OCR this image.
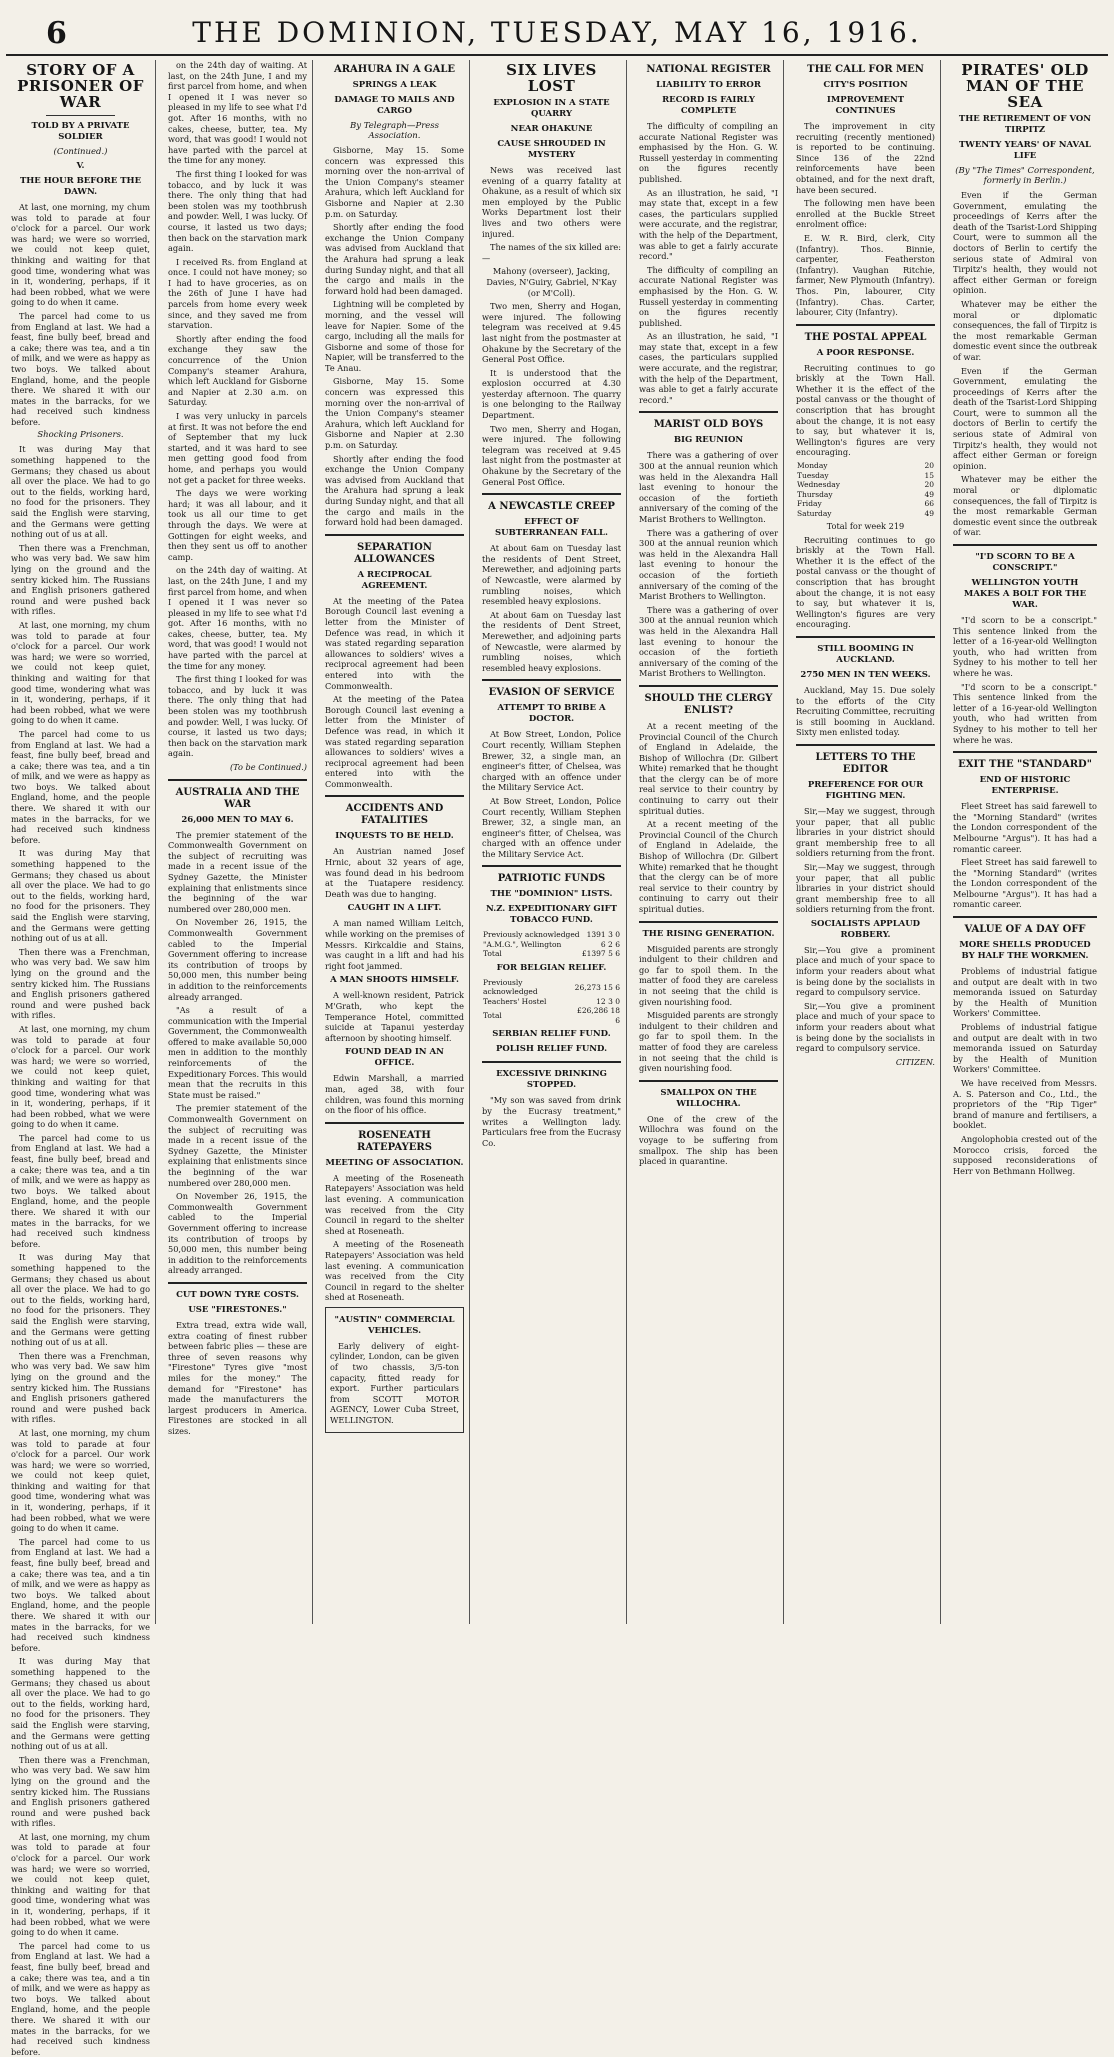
6	THE DOMINION, TUESDAY, MAY 16, 1916.
STORY OF A PRISONER OF WAR
TOLD BY A PRIVATE SOLDIER
(Continued.)
V.
THE HOUR BEFORE THE DAWN.

At last, one morning, my chum was told to parade at four o'clock for a parcel. Our work was hard; we were so worried, we could not keep quiet, thinking and waiting for that good time, wondering what was in it, wondering, perhaps, if it had been robbed, what we were going to do when it came.

The parcel had come to us from England at last. We had a feast, fine bully beef, bread and a cake; there was tea, and a tin of milk, and we were as happy as two boys. We talked about England, home, and the people there. We shared it with our mates in the barracks, for we had received such kindness before.

Shocking Prisoners.

It was during May that something happened to the Germans; they chased us about all over the place. We had to go out to the fields, working hard, no food for the prisoners. They said the English were starving, and the Germans were getting nothing out of us at all.

Then there was a Frenchman, who was very bad. We saw him lying on the ground and the sentry kicked him. The Russians and English prisoners gathered round and were pushed back with rifles.

At last, one morning, my chum was told to parade at four o'clock for a parcel. Our work was hard; we were so worried, we could not keep quiet, thinking and waiting for that good time, wondering what was in it, wondering, perhaps, if it had been robbed, what we were going to do when it came.

The parcel had come to us from England at last. We had a feast, fine bully beef, bread and a cake; there was tea, and a tin of milk, and we were as happy as two boys. We talked about England, home, and the people there. We shared it with our mates in the barracks, for we had received such kindness before.

It was during May that something happened to the Germans; they chased us about all over the place. We had to go out to the fields, working hard, no food for the prisoners. They said the English were starving, and the Germans were getting nothing out of us at all.

Then there was a Frenchman, who was very bad. We saw him lying on the ground and the sentry kicked him. The Russians and English prisoners gathered round and were pushed back with rifles.

At last, one morning, my chum was told to parade at four o'clock for a parcel. Our work was hard; we were so worried, we could not keep quiet, thinking and waiting for that good time, wondering what was in it, wondering, perhaps, if it had been robbed, what we were going to do when it came.

The parcel had come to us from England at last. We had a feast, fine bully beef, bread and a cake; there was tea, and a tin of milk, and we were as happy as two boys. We talked about England, home, and the people there. We shared it with our mates in the barracks, for we had received such kindness before.

It was during May that something happened to the Germans; they chased us about all over the place. We had to go out to the fields, working hard, no food for the prisoners. They said the English were starving, and the Germans were getting nothing out of us at all.

Then there was a Frenchman, who was very bad. We saw him lying on the ground and the sentry kicked him. The Russians and English prisoners gathered round and were pushed back with rifles.

At last, one morning, my chum was told to parade at four o'clock for a parcel. Our work was hard; we were so worried, we could not keep quiet, thinking and waiting for that good time, wondering what was in it, wondering, perhaps, if it had been robbed, what we were going to do when it came.

The parcel had come to us from England at last. We had a feast, fine bully beef, bread and a cake; there was tea, and a tin of milk, and we were as happy as two boys. We talked about England, home, and the people there. We shared it with our mates in the barracks, for we had received such kindness before.

It was during May that something happened to the Germans; they chased us about all over the place. We had to go out to the fields, working hard, no food for the prisoners. They said the English were starving, and the Germans were getting nothing out of us at all.

Then there was a Frenchman, who was very bad. We saw him lying on the ground and the sentry kicked him. The Russians and English prisoners gathered round and were pushed back with rifles.

At last, one morning, my chum was told to parade at four o'clock for a parcel. Our work was hard; we were so worried, we could not keep quiet, thinking and waiting for that good time, wondering what was in it, wondering, perhaps, if it had been robbed, what we were going to do when it came.

The parcel had come to us from England at last. We had a feast, fine bully beef, bread and a cake; there was tea, and a tin of milk, and we were as happy as two boys. We talked about England, home, and the people there. We shared it with our mates in the barracks, for we had received such kindness before.

on the 24th day of waiting. At last, on the 24th June, I and my first parcel from home, and when I opened it I was never so pleased in my life to see what I'd got. After 16 months, with no cakes, cheese, butter, tea. My word, that was good! I would not have parted with the parcel at the time for any money.

The first thing I looked for was tobacco, and by luck it was there. The only thing that had been stolen was my toothbrush and powder. Well, I was lucky. Of course, it lasted us two days; then back on the starvation mark again.

I received Rs. from England at once. I could not have money; so I had to have groceries, as on the 26th of June I have had parcels from home every week since, and they saved me from starvation.

Shortly after ending the food exchange they saw the concurrence of the Union Company's steamer Arahura, which left Auckland for Gisborne and Napier at 2.30 a.m. on Saturday.

I was very unlucky in parcels at first. It was not before the end of September that my luck started, and it was hard to see men getting good food from home, and perhaps you would not get a packet for three weeks.

The days we were working hard; it was all labour, and it took us all our time to get through the days. We were at Gottingen for eight weeks, and then they sent us off to another camp.

on the 24th day of waiting. At last, on the 24th June, I and my first parcel from home, and when I opened it I was never so pleased in my life to see what I'd got. After 16 months, with no cakes, cheese, butter, tea. My word, that was good! I would not have parted with the parcel at the time for any money.

The first thing I looked for was tobacco, and by luck it was there. The only thing that had been stolen was my toothbrush and powder. Well, I was lucky. Of course, it lasted us two days; then back on the starvation mark again.

(To be Continued.)

AUSTRALIA AND THE WAR
26,000 MEN TO MAY 6.

The premier statement of the Commonwealth Government on the subject of recruiting was made in a recent issue of the Sydney Gazette, the Minister explaining that enlistments since the beginning of the war numbered over 280,000 men.

On November 26, 1915, the Commonwealth Government cabled to the Imperial Government offering to increase its contribution of troops by 50,000 men, this number being in addition to the reinforcements already arranged.

"As a result of a communication with the Imperial Government, the Commonwealth offered to make available 50,000 men in addition to the monthly reinforcements of the Expeditionary Forces. This would mean that the recruits in this State must be raised."

The premier statement of the Commonwealth Government on the subject of recruiting was made in a recent issue of the Sydney Gazette, the Minister explaining that enlistments since the beginning of the war numbered over 280,000 men.

On November 26, 1915, the Commonwealth Government cabled to the Imperial Government offering to increase its contribution of troops by 50,000 men, this number being in addition to the reinforcements already arranged.

CUT DOWN TYRE COSTS.
USE "FIRESTONES."

Extra tread, extra wide wall, extra coating of finest rubber between fabric plies — these are three of seven reasons why "Firestone" Tyres give "most miles for the money." The demand for "Firestone" has made the manufacturers the largest producers in America. Firestones are stocked in all sizes.

ARAHURA IN A GALE
SPRINGS A LEAK
DAMAGE TO MAILS AND CARGO
By Telegraph—Press Association.

Gisborne, May 15. Some concern was expressed this morning over the non-arrival of the Union Company's steamer Arahura, which left Auckland for Gisborne and Napier at 2.30 p.m. on Saturday.

Shortly after ending the food exchange the Union Company was advised from Auckland that the Arahura had sprung a leak during Sunday night, and that all the cargo and mails in the forward hold had been damaged.

Lightning will be completed by morning, and the vessel will leave for Napier. Some of the cargo, including all the mails for Gisborne and some of those for Napier, will be transferred to the Te Anau.

Gisborne, May 15. Some concern was expressed this morning over the non-arrival of the Union Company's steamer Arahura, which left Auckland for Gisborne and Napier at 2.30 p.m. on Saturday.

Shortly after ending the food exchange the Union Company was advised from Auckland that the Arahura had sprung a leak during Sunday night, and that all the cargo and mails in the forward hold had been damaged.

SEPARATION ALLOWANCES
A RECIPROCAL AGREEMENT.

At the meeting of the Patea Borough Council last evening a letter from the Minister of Defence was read, in which it was stated regarding separation allowances to soldiers' wives a reciprocal agreement had been entered into with the Commonwealth.

At the meeting of the Patea Borough Council last evening a letter from the Minister of Defence was read, in which it was stated regarding separation allowances to soldiers' wives a reciprocal agreement had been entered into with the Commonwealth.

ACCIDENTS AND FATALITIES
INQUESTS TO BE HELD.

An Austrian named Josef Hrnic, about 32 years of age, was found dead in his bedroom at the Tuatapere residency. Death was due to hanging.

CAUGHT IN A LIFT.

A man named William Leitch, while working on the premises of Messrs. Kirkcaldie and Stains, was caught in a lift and had his right foot jammed.

A MAN SHOOTS HIMSELF.

A well-known resident, Patrick M'Grath, who kept the Temperance Hotel, committed suicide at Tapanui yesterday afternoon by shooting himself.

FOUND DEAD IN AN OFFICE.

Edwin Marshall, a married man, aged 38, with four children, was found this morning on the floor of his office.

ROSENEATH RATEPAYERS
MEETING OF ASSOCIATION.

A meeting of the Roseneath Ratepayers' Association was held last evening. A communication was received from the City Council in regard to the shelter shed at Roseneath.

A meeting of the Roseneath Ratepayers' Association was held last evening. A communication was received from the City Council in regard to the shelter shed at Roseneath.

"AUSTIN" COMMERCIAL VEHICLES.

Early delivery of eight-cylinder, London, can be given of two chassis, 3/5-ton capacity, fitted ready for export. Further particulars from SCOTT MOTOR AGENCY, Lower Cuba Street, WELLINGTON.

SIX LIVES LOST
EXPLOSION IN A STATE QUARRY
NEAR OHAKUNE
CAUSE SHROUDED IN MYSTERY

News was received last evening of a quarry fatality at Ohakune, as a result of which six men employed by the Public Works Department lost their lives and two others were injured.

The names of the six killed are:—

Mahony (overseer), Jacking, Davies, N'Guiry, Gabriel, N'Kay (or M'Coll).

Two men, Sherry and Hogan, were injured. The following telegram was received at 9.45 last night from the postmaster at Ohakune by the Secretary of the General Post Office.

It is understood that the explosion occurred at 4.30 yesterday afternoon. The quarry is one belonging to the Railway Department.

Two men, Sherry and Hogan, were injured. The following telegram was received at 9.45 last night from the postmaster at Ohakune by the Secretary of the General Post Office.

A NEWCASTLE CREEP
EFFECT OF SUBTERRANEAN FALL.

At about 6am on Tuesday last the residents of Dent Street, Merewether, and adjoining parts of Newcastle, were alarmed by rumbling noises, which resembled heavy explosions.

At about 6am on Tuesday last the residents of Dent Street, Merewether, and adjoining parts of Newcastle, were alarmed by rumbling noises, which resembled heavy explosions.

EVASION OF SERVICE
ATTEMPT TO BRIBE A DOCTOR.

At Bow Street, London, Police Court recently, William Stephen Brewer, 32, a single man, an engineer's fitter, of Chelsea, was charged with an offence under the Military Service Act.

At Bow Street, London, Police Court recently, William Stephen Brewer, 32, a single man, an engineer's fitter, of Chelsea, was charged with an offence under the Military Service Act.

PATRIOTIC FUNDS
THE "DOMINION" LISTS.
N.Z. EXPEDITIONARY GIFT TOBACCO FUND.
Previously acknowledged	1391 3 0
"A.M.G.", Wellington	6 2 6
Total	£1397 5 6
FOR BELGIAN RELIEF.
Previously acknowledged	26,273 15 6
Teachers' Hostel	12 3 0
Total	£26,286 18 6
SERBIAN RELIEF FUND.
POLISH RELIEF FUND.
EXCESSIVE DRINKING STOPPED.

"My son was saved from drink by the Eucrasy treatment," writes a Wellington lady. Particulars free from the Eucrasy Co.

NATIONAL REGISTER
LIABILITY TO ERROR
RECORD IS FAIRLY COMPLETE

The difficulty of compiling an accurate National Register was emphasised by the Hon. G. W. Russell yesterday in commenting on the figures recently published.

As an illustration, he said, "I may state that, except in a few cases, the particulars supplied were accurate, and the registrar, with the help of the Department, was able to get a fairly accurate record."

The difficulty of compiling an accurate National Register was emphasised by the Hon. G. W. Russell yesterday in commenting on the figures recently published.

As an illustration, he said, "I may state that, except in a few cases, the particulars supplied were accurate, and the registrar, with the help of the Department, was able to get a fairly accurate record."

MARIST OLD BOYS
BIG REUNION

There was a gathering of over 300 at the annual reunion which was held in the Alexandra Hall last evening to honour the occasion of the fortieth anniversary of the coming of the Marist Brothers to Wellington.

There was a gathering of over 300 at the annual reunion which was held in the Alexandra Hall last evening to honour the occasion of the fortieth anniversary of the coming of the Marist Brothers to Wellington.

There was a gathering of over 300 at the annual reunion which was held in the Alexandra Hall last evening to honour the occasion of the fortieth anniversary of the coming of the Marist Brothers to Wellington.

SHOULD THE CLERGY ENLIST?

At a recent meeting of the Provincial Council of the Church of England in Adelaide, the Bishop of Willochra (Dr. Gilbert White) remarked that he thought that the clergy can be of more real service to their country by continuing to carry out their spiritual duties.

At a recent meeting of the Provincial Council of the Church of England in Adelaide, the Bishop of Willochra (Dr. Gilbert White) remarked that he thought that the clergy can be of more real service to their country by continuing to carry out their spiritual duties.

THE RISING GENERATION.

Misguided parents are strongly indulgent to their children and go far to spoil them. In the matter of food they are careless in not seeing that the child is given nourishing food.

Misguided parents are strongly indulgent to their children and go far to spoil them. In the matter of food they are careless in not seeing that the child is given nourishing food.

SMALLPOX ON THE WILLOCHRA.

One of the crew of the Willochra was found on the voyage to be suffering from smallpox. The ship has been placed in quarantine.

THE CALL FOR MEN
CITY'S POSITION
IMPROVEMENT CONTINUES

The improvement in city recruiting (recently mentioned) is reported to be continuing. Since 136 of the 22nd reinforcements have been obtained, and for the next draft, have been secured.

The following men have been enrolled at the Buckle Street enrolment office:

E. W. R. Bird, clerk, City (Infantry). Thos. Binnie, carpenter, Featherston (Infantry). Vaughan Ritchie, farmer, New Plymouth (Infantry). Thos. Pin, labourer, City (Infantry). Chas. Carter, labourer, City (Infantry).

THE POSTAL APPEAL
A POOR RESPONSE.

Recruiting continues to go briskly at the Town Hall. Whether it is the effect of the postal canvass or the thought of conscription that has brought about the change, it is not easy to say, but whatever it is, Wellington's figures are very encouraging.

Monday	20
Tuesday	15
Wednesday	20
Thursday	49
Friday	66
Saturday	49

Total for week 219

Recruiting continues to go briskly at the Town Hall. Whether it is the effect of the postal canvass or the thought of conscription that has brought about the change, it is not easy to say, but whatever it is, Wellington's figures are very encouraging.

STILL BOOMING IN AUCKLAND.
2750 MEN IN TEN WEEKS.

Auckland, May 15. Due solely to the efforts of the City Recruiting Committee, recruiting is still booming in Auckland. Sixty men enlisted today.

LETTERS TO THE EDITOR
PREFERENCE FOR OUR FIGHTING MEN.

Sir,—May we suggest, through your paper, that all public libraries in your district should grant membership free to all soldiers returning from the front.

Sir,—May we suggest, through your paper, that all public libraries in your district should grant membership free to all soldiers returning from the front.

SOCIALISTS APPLAUD ROBBERY.

Sir,—You give a prominent place and much of your space to inform your readers about what is being done by the socialists in regard to compulsory service.

Sir,—You give a prominent place and much of your space to inform your readers about what is being done by the socialists in regard to compulsory service.

CITIZEN.

PIRATES' OLD MAN OF THE SEA
THE RETIREMENT OF VON TIRPITZ
TWENTY YEARS' OF NAVAL LIFE
(By "The Times" Correspondent, formerly in Berlin.)

Even if the German Government, emulating the proceedings of Kerrs after the death of the Tsarist-Lord Shipping Court, were to summon all the doctors of Berlin to certify the serious state of Admiral von Tirpitz's health, they would not affect either German or foreign opinion.

Whatever may be either the moral or diplomatic consequences, the fall of Tirpitz is the most remarkable German domestic event since the outbreak of war.

Even if the German Government, emulating the proceedings of Kerrs after the death of the Tsarist-Lord Shipping Court, were to summon all the doctors of Berlin to certify the serious state of Admiral von Tirpitz's health, they would not affect either German or foreign opinion.

Whatever may be either the moral or diplomatic consequences, the fall of Tirpitz is the most remarkable German domestic event since the outbreak of war.

"I'D SCORN TO BE A CONSCRIPT."
WELLINGTON YOUTH MAKES A BOLT FOR THE WAR.

"I'd scorn to be a conscript." This sentence linked from the letter of a 16-year-old Wellington youth, who had written from Sydney to his mother to tell her where he was.

"I'd scorn to be a conscript." This sentence linked from the letter of a 16-year-old Wellington youth, who had written from Sydney to his mother to tell her where he was.

EXIT THE "STANDARD"
END OF HISTORIC ENTERPRISE.

Fleet Street has said farewell to the "Morning Standard" (writes the London correspondent of the Melbourne "Argus"). It has had a romantic career.

Fleet Street has said farewell to the "Morning Standard" (writes the London correspondent of the Melbourne "Argus"). It has had a romantic career.

VALUE OF A DAY OFF
MORE SHELLS PRODUCED BY HALF THE WORKMEN.

Problems of industrial fatigue and output are dealt with in two memoranda issued on Saturday by the Health of Munition Workers' Committee.

Problems of industrial fatigue and output are dealt with in two memoranda issued on Saturday by the Health of Munition Workers' Committee.

We have received from Messrs. A. S. Paterson and Co., Ltd., the proprietors of the "Rip Tiger" brand of manure and fertilisers, a booklet.

Angolophobia crested out of the Morocco crisis, forced the supposed reconsiderations of Herr von Bethmann Hollweg.
